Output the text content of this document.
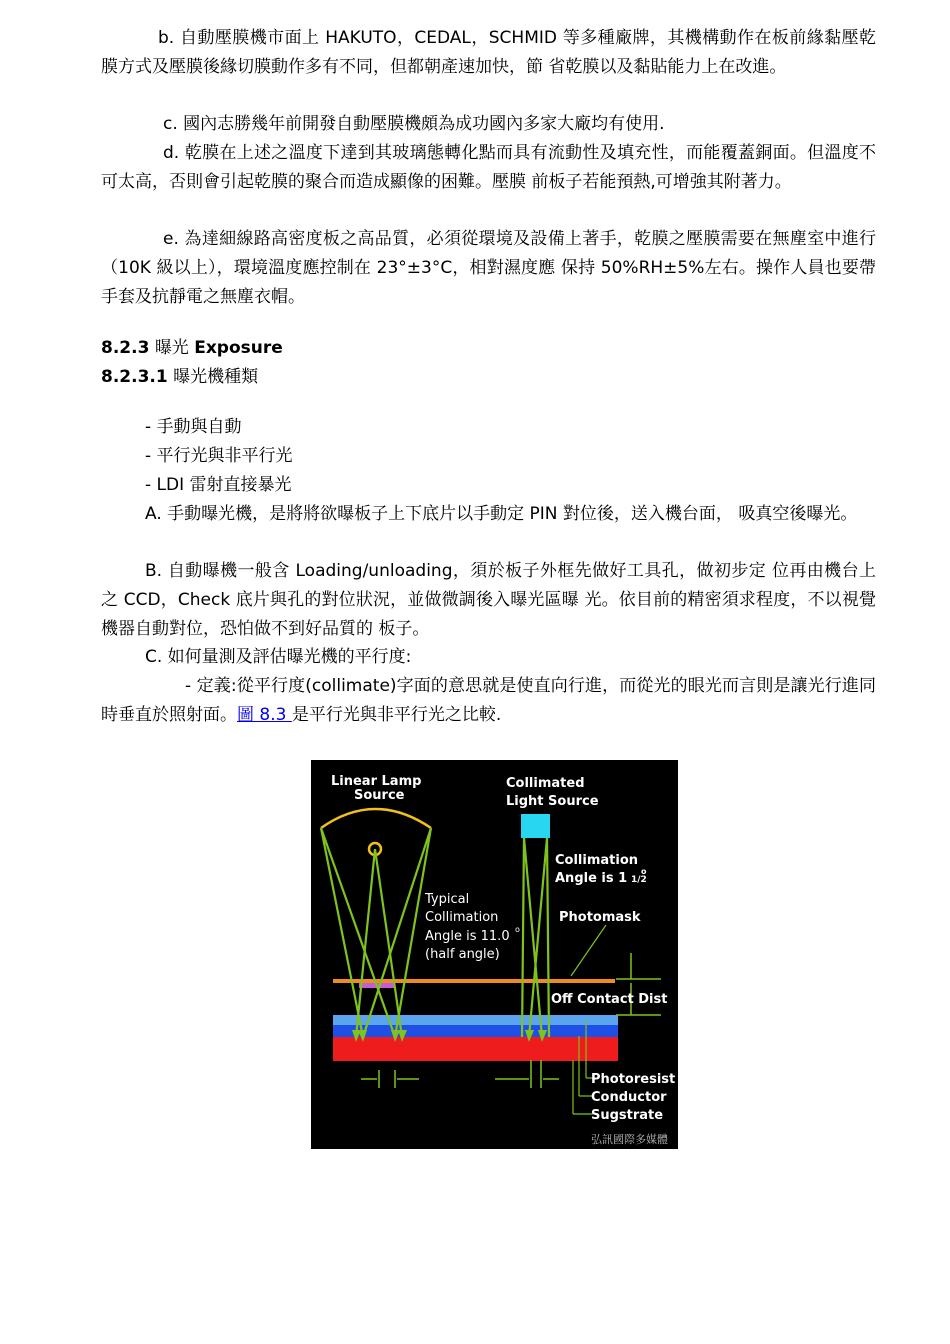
b. 自動壓膜機市面上 HAKUTO，CEDAL，SCHMID 等多種廠牌，其機構動作在板前緣黏壓乾膜方式及壓膜後緣切膜動作多有不同，但都朝產速加快，節 省乾膜以及黏貼能力上在改進。

c. 國內志勝幾年前開發自動壓膜機頗為成功國內多家大廠均有使用.

d. 乾膜在上述之溫度下達到其玻璃態轉化點而具有流動性及填充性，而能覆蓋銅面。但溫度不可太高，否則會引起乾膜的聚合而造成顯像的困難。壓膜 前板子若能預熱,可增強其附著力。

e. 為達細線路高密度板之高品質，必須從環境及設備上著手，乾膜之壓膜需要在無塵室中進行（10K 級以上），環境溫度應控制在 23°±3°C，相對濕度應 保持 50%RH±5%左右。操作人員也要帶手套及抗靜電之無塵衣帽。

8.2.3 曝光 Exposure

8.2.3.1 曝光機種類

- 手動與自動

- 平行光與非平行光

- LDI 雷射直接暴光

A. 手動曝光機，是將將欲曝板子上下底片以手動定 PIN 對位後，送入機台面， 吸真空後曝光。

B. 自動曝機一般含 Loading/unloading，須於板子外框先做好工具孔，做初步定 位再由機台上之 CCD，Check 底片與孔的對位狀況，並做微調後入曝光區曝 光。依目前的精密須求程度，不以視覺機器自動對位，恐怕做不到好品質的 板子。

C. 如何量測及評估曝光機的平行度:

- 定義:從平行度(collimate)字面的意思就是使直向行進，而從光的眼光而言則是讓光行進同時垂直於照射面。圖 8.3 是平行光與非平行光之比較.

Linear Lamp
Source
Collimated
Light Source
Collimation
Angle is 1 1/2
o
Photomask
Off Contact Dist
Photoresist
Conductor
Sugstrate
Typical
Collimation
Angle is 11.0 o
(half angle)
弘訊國際多媒體
